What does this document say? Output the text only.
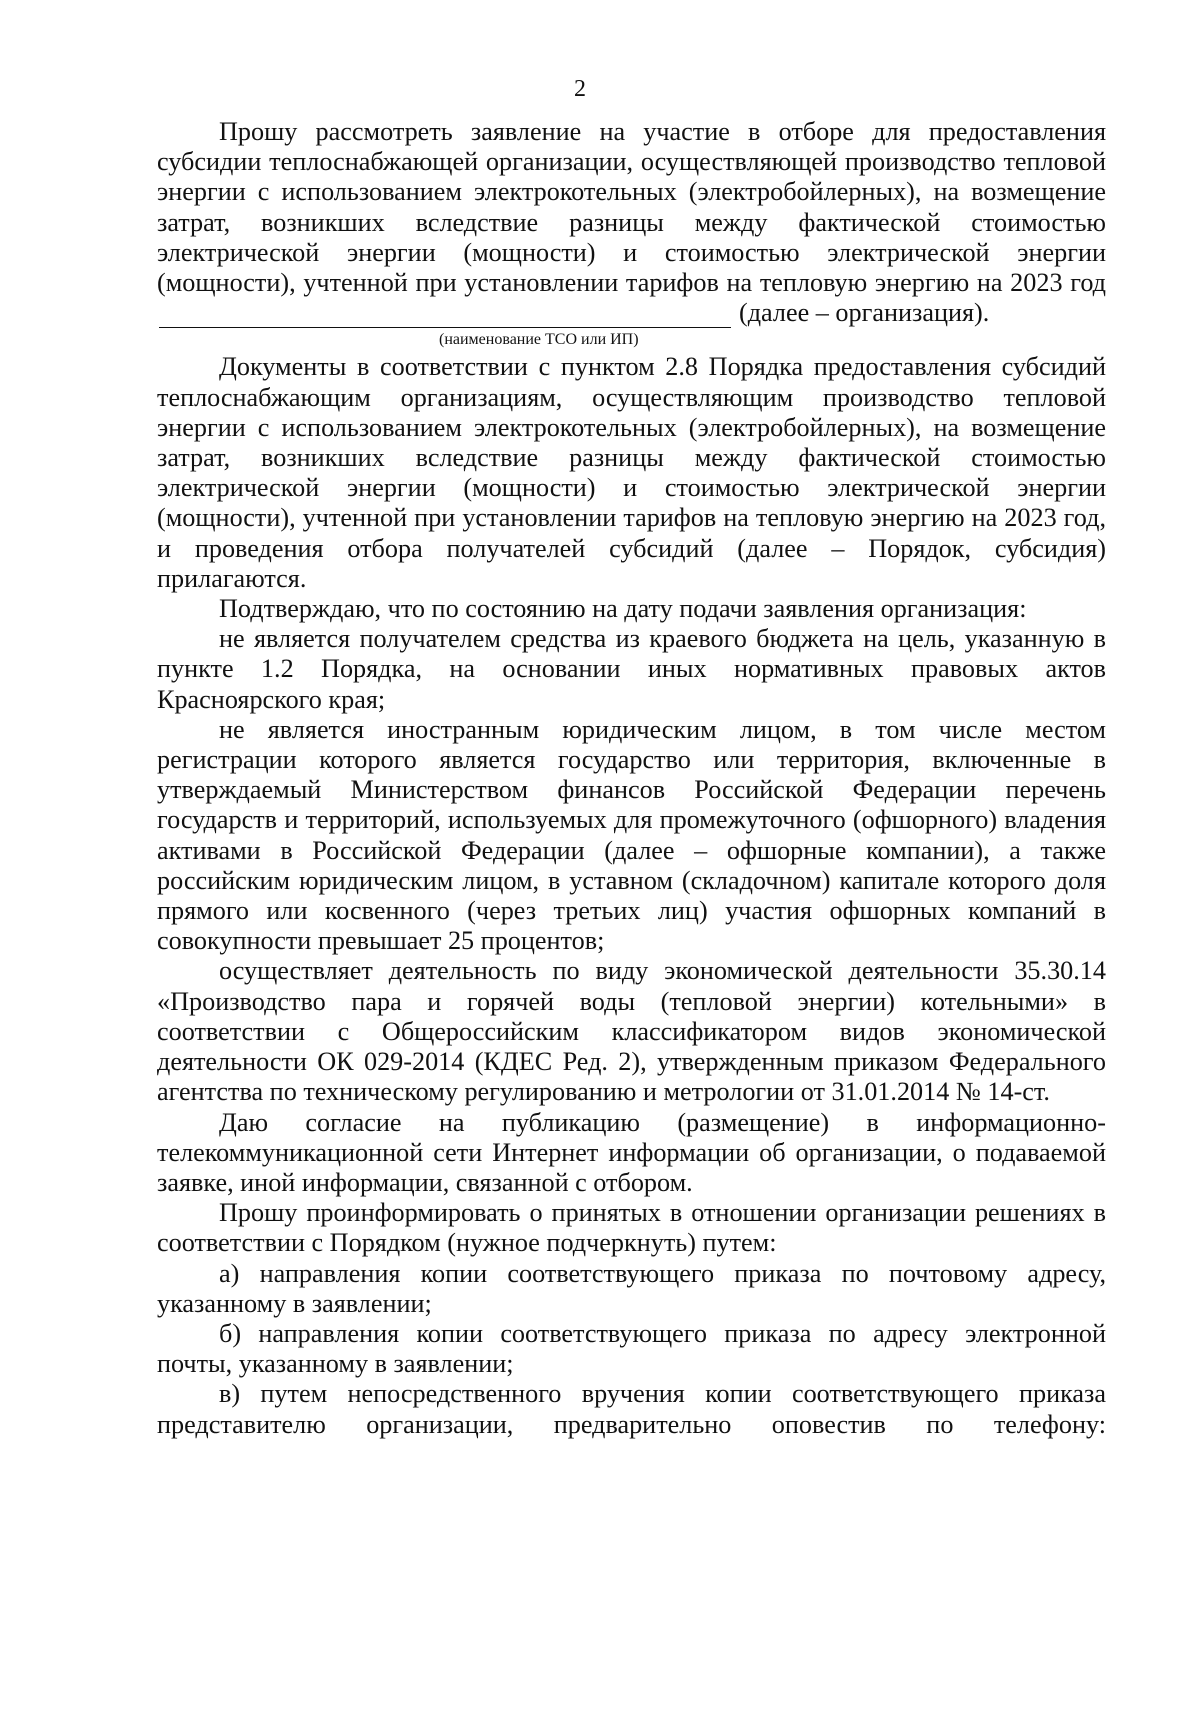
2

Прошу рассмотреть заявление на участие в отборе для предоставления субсидии теплоснабжающей организации, осуществляющей производство тепловой энергии с использованием электрокотельных (электробойлерных), на возмещение затрат, возникших вследствие разницы между фактической стоимостью электрической энергии (мощности) и стоимостью электрической энергии (мощности), учтенной при установлении тарифов на тепловую энергию на 2023 год(далее – организация).

(наименование ТСО или ИП)

Документы в соответствии с пунктом 2.8 Порядка предоставления субсидий теплоснабжающим организациям, осуществляющим производство тепловой энергии с использованием электрокотельных (электробойлерных), на возмещение затрат, возникших вследствие разницы между фактической стоимостью электрической энергии (мощности) и стоимостью электрической энергии (мощности), учтенной при установлении тарифов на тепловую энергию на 2023 год, и проведения отбора получателей субсидий (далее – Порядок, субсидия) прилагаются.

Подтверждаю, что по состоянию на дату подачи заявления организация:

не является получателем средства из краевого бюджета на цель, указанную в пункте 1.2 Порядка, на основании иных нормативных правовых актов Красноярского края;

не является иностранным юридическим лицом, в том числе местом регистрации которого является государство или территория, включенные в утверждаемый Министерством финансов Российской Федерации перечень государств и территорий, используемых для промежуточного (офшорного) владения активами в Российской Федерации (далее – офшорные компании), а также российским юридическим лицом, в уставном (складочном) капитале которого доля прямого или косвенного (через третьих лиц) участия офшорных компаний в совокупности превышает 25 процентов;

осуществляет деятельность по виду экономической деятельности 35.30.14 «Производство пара и горячей воды (тепловой энергии) котельными» в соответствии с Общероссийским классификатором видов экономической деятельности ОК 029-2014 (КДЕС Ред. 2), утвержденным приказом Федерального агентства по техническому регулированию и метрологии от 31.01.2014 № 14-ст.

Даю согласие на публикацию (размещение) в информационно-телекоммуникационной сети Интернет информации об организации, о подаваемой заявке, иной информации, связанной с отбором.

Прошу проинформировать о принятых в отношении организации решениях в соответствии с Порядком (нужное подчеркнуть) путем:

а) направления копии соответствующего приказа по почтовому адресу, указанному в заявлении;

б) направления копии соответствующего приказа по адресу электронной почты, указанному в заявлении;

в) путем непосредственного вручения копии соответствующего приказа представителю организации, предварительно оповестив по телефону:
